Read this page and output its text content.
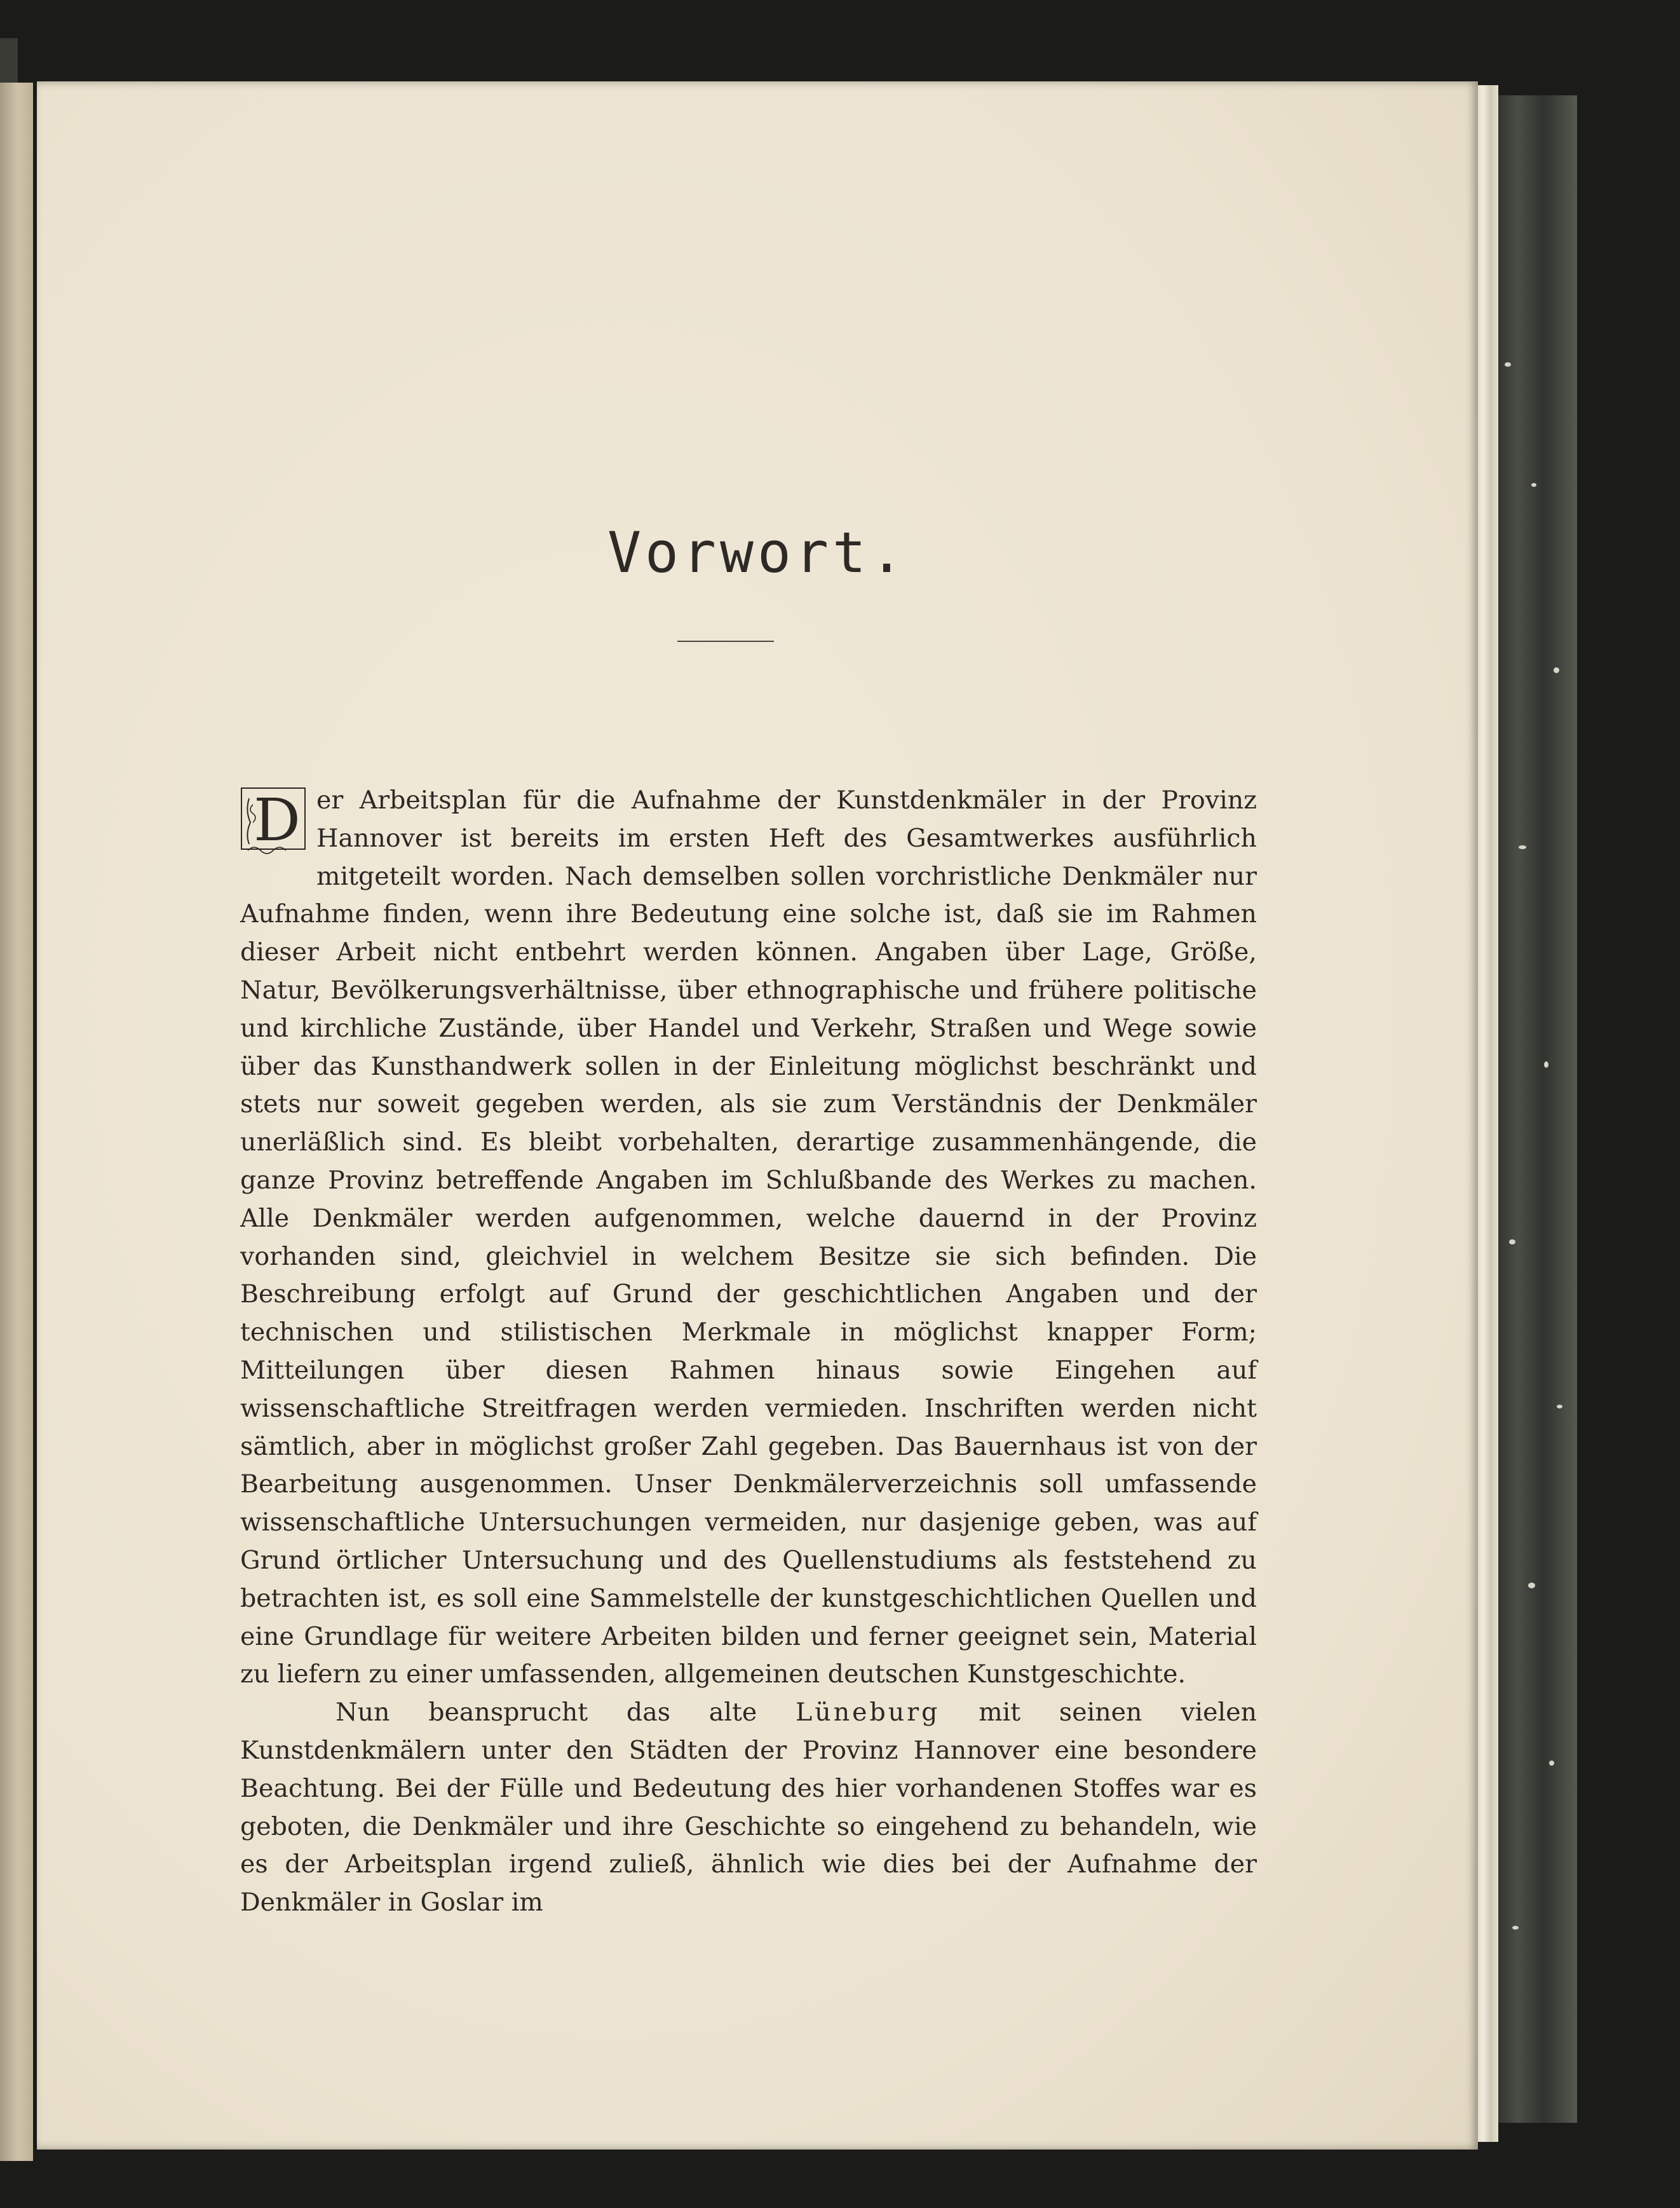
Vorwort.

D er Arbeitsplan für die Aufnahme der Kunstdenkmäler in der Provinz Hannover ist bereits im ersten Heft des Gesamtwerkes ausführlich mitgeteilt worden. Nach demselben sollen vorchristliche Denkmäler nur Aufnahme finden, wenn ihre Bedeutung eine solche ist, daß sie im Rahmen dieser Arbeit nicht entbehrt werden können. Angaben über Lage, Größe, Natur, Bevölkerungsverhältnisse, über ethnographische und frühere politische und kirchliche Zustände, über Handel und Verkehr, Straßen und Wege sowie über das Kunsthandwerk sollen in der Einleitung möglichst beschränkt und stets nur soweit gegeben werden, als sie zum Verständnis der Denkmäler unerläßlich sind. Es bleibt vorbehalten, derartige zusammenhängende, die ganze Provinz betreffende Angaben im Schlußbande des Werkes zu machen. Alle Denkmäler werden aufgenommen, welche dauernd in der Provinz vorhanden sind, gleichviel in welchem Besitze sie sich befinden. Die Beschreibung erfolgt auf Grund der geschichtlichen Angaben und der technischen und stilistischen Merkmale in möglichst knapper Form; Mitteilungen über diesen Rahmen hinaus sowie Eingehen auf wissenschaftliche Streitfragen werden vermieden. Inschriften werden nicht sämtlich, aber in möglichst großer Zahl gegeben. Das Bauernhaus ist von der Bearbeitung ausgenommen. Unser Denkmälerverzeichnis soll umfassende wissenschaftliche Untersuchungen vermeiden, nur dasjenige geben, was auf Grund örtlicher Untersuchung und des Quellenstudiums als feststehend zu betrachten ist, es soll eine Sammelstelle der kunstgeschichtlichen Quellen und eine Grundlage für weitere Arbeiten bilden und ferner geeignet sein, Material zu liefern zu einer umfassenden, allgemeinen deutschen Kunstgeschichte.

Nun beansprucht das alte Lüneburg mit seinen vielen Kunstdenkmälern unter den Städten der Provinz Hannover eine besondere Beachtung. Bei der Fülle und Bedeutung des hier vorhandenen Stoffes war es geboten, die Denkmäler und ihre Geschichte so eingehend zu behandeln, wie es der Arbeitsplan irgend zuließ, ähnlich wie dies bei der Aufnahme der Denkmäler in Goslar im
